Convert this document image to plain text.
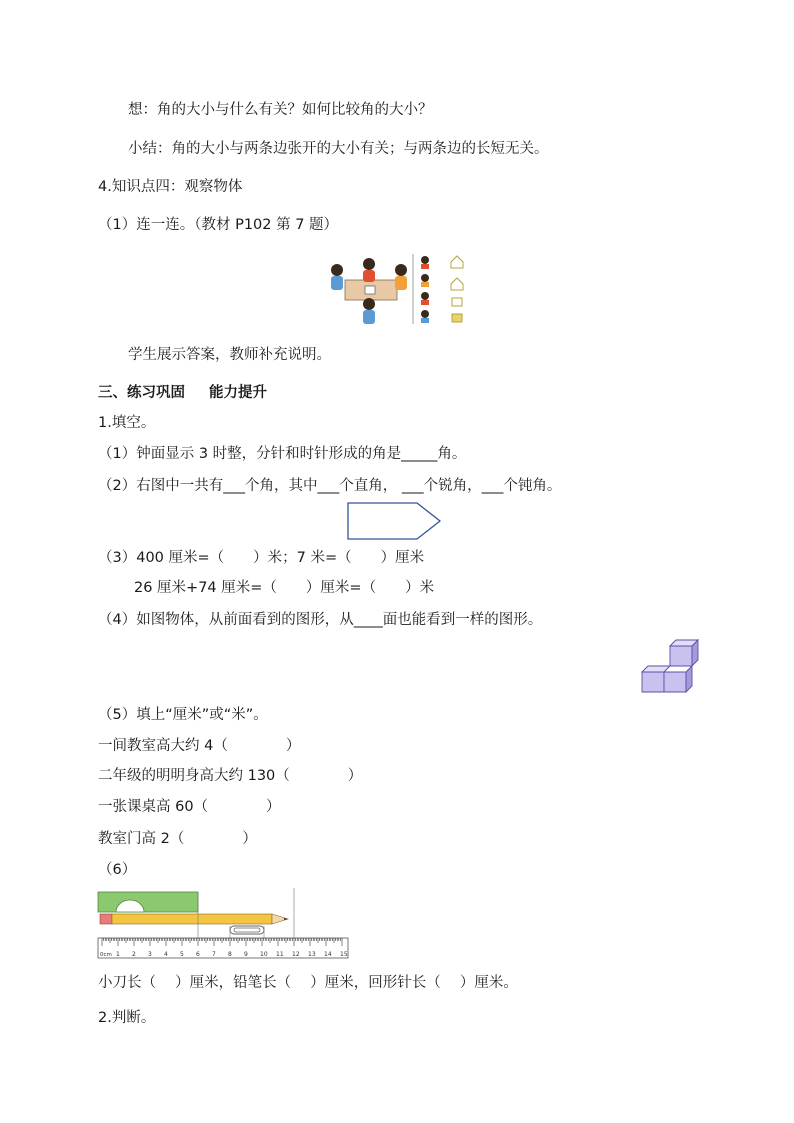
想：角的大小与什么有关？如何比较角的大小？
小结：角的大小与两条边张开的大小有关；与两条边的长短无关。
4.知识点四：观察物体
（1）连一连。（教材 P102 第 7 题）
学生展示答案，教师补充说明。
三、练习巩固 能力提升
1.填空。
（1）钟面显示 3 时整，分针和时针形成的角是_____角。
（2）右图中一共有___个角，其中___个直角， ___个锐角，___个钝角。
（3）400 厘米=（　　）米；7 米=（　　）厘米
26 厘米+74 厘米=（　　）厘米=（　　）米
（4）如图物体，从前面看到的图形，从____面也能看到一样的图形。
（5）填上“厘米”或“米”。
一间教室高大约 4（　　　　）
二年级的明明身高大约 130（　　　　）
一张课桌高 60（　　　　）
教室门高 2（　　　　）
（6）
0cm 1 2 3 4 5 6 7 8 9 10 11 12 13 14 15
小刀长（　 ）厘米，铅笔长（　 ）厘米，回形针长（　 ）厘米。
2.判断。
